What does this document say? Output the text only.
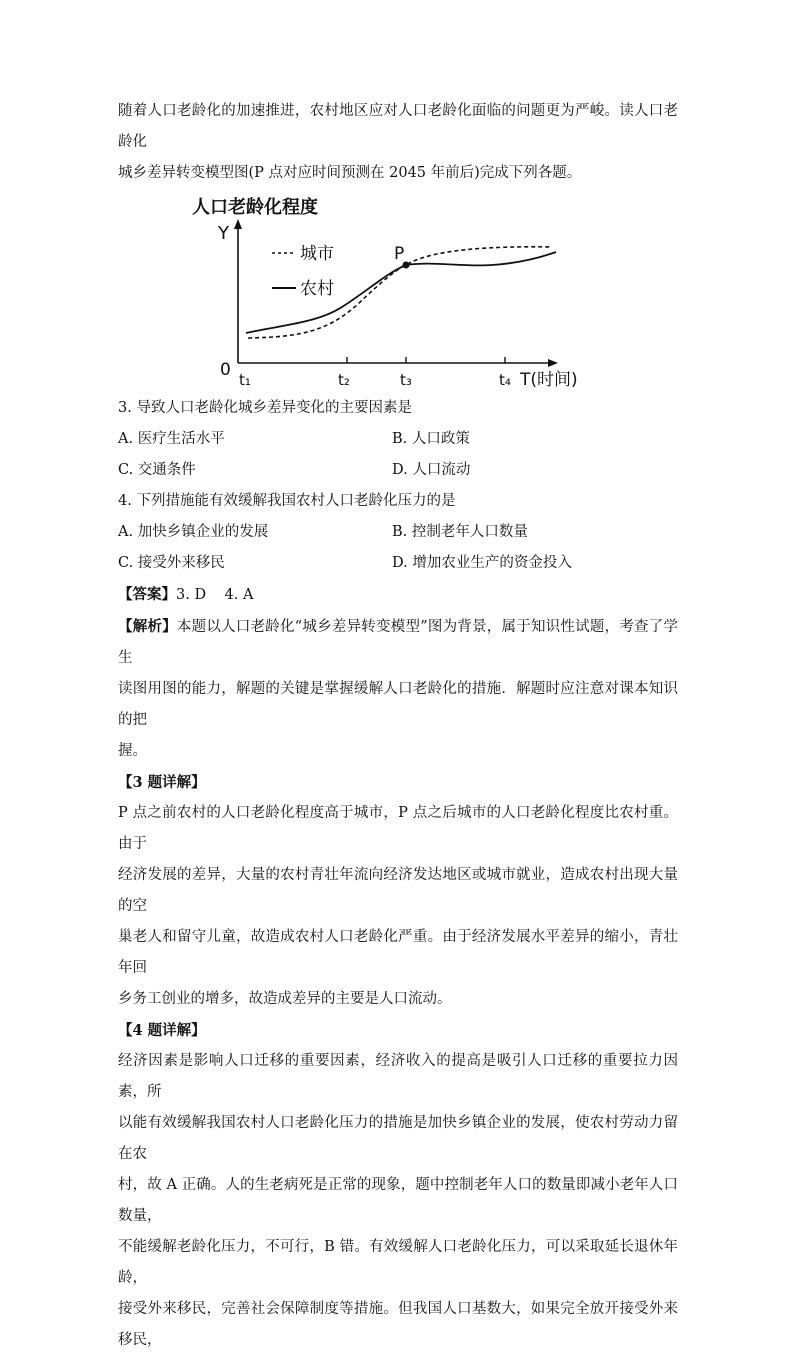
随着人口老龄化的加速推进，农村地区应对人口老龄化面临的问题更为严峻。读人口老龄化

城乡差异转变模型图(P 点对应时间预测在 2045 年前后)完成下列各题。

人口老龄化程度
Y
0	T(时间)
t₁	t₂	t₃	t₄
P
城市
农村

3. 导致人口老龄化城乡差异变化的主要因素是

A. 医疗生活水平	B. 人口政策
C. 交通条件	D. 人口流动

4. 下列措施能有效缓解我国农村人口老龄化压力的是

A. 加快乡镇企业的发展	B. 控制老年人口数量
C. 接受外来移民	D. 增加农业生产的资金投入

【答案】3. D    4. A

【解析】本题以人口老龄化“城乡差异转变模型”图为背景，属于知识性试题，考查了学生

读图用图的能力，解题的关键是掌握缓解人口老龄化的措施．解题时应注意对课本知识的把

握。

【3 题详解】

P 点之前农村的人口老龄化程度高于城市，P 点之后城市的人口老龄化程度比农村重。由于

经济发展的差异，大量的农村青壮年流向经济发达地区或城市就业，造成农村出现大量的空

巢老人和留守儿童，故造成农村人口老龄化严重。由于经济发展水平差异的缩小，青壮年回

乡务工创业的增多，故造成差异的主要是人口流动。

【4 题详解】

经济因素是影响人口迁移的重要因素，经济收入的提高是吸引人口迁移的重要拉力因素，所

以能有效缓解我国农村人口老龄化压力的措施是加快乡镇企业的发展，使农村劳动力留在农

村，故 A 正确。人的生老病死是正常的现象，题中控制老年人口的数量即减小老年人口数量，

不能缓解老龄化压力，不可行，B 错。有效缓解人口老龄化压力，可以采取延长退休年龄，

接受外来移民，完善社会保障制度等措施。但我国人口基数大，如果完全放开接受外来移民，
